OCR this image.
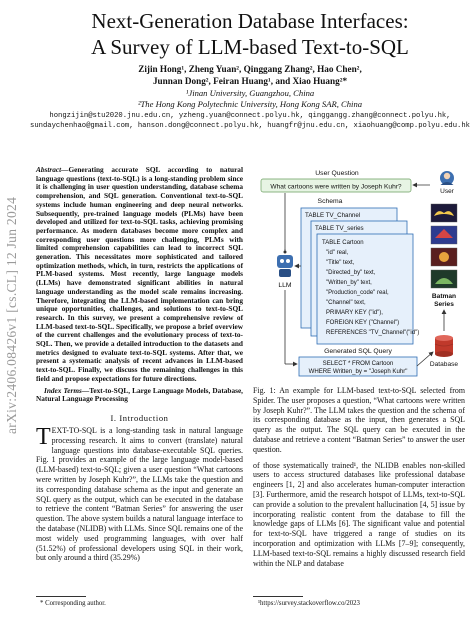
arXiv:2406.08426v1 [cs.CL] 12 Jun 2024
Next-Generation Database Interfaces:
A Survey of LLM-based Text-to-SQL
Zijin Hong¹, Zheng Yuan², Qinggang Zhang², Hao Chen²,
Junnan Dong², Feiran Huang¹, and Xiao Huang²*
¹Jinan University, Guangzhou, China
²The Hong Kong Polytechnic University, Hong Kong SAR, China
hongzijin@stu2020.jnu.edu.cn, yzheng.yuan@connect.polyu.hk, qinggangg.zhang@connect.polyu.hk,
sundaychenhao@gmail.com, hanson.dong@connect.polyu.hk, huangfr@jnu.edu.cn, xiaohuang@comp.polyu.edu.hk

Abstract—Generating accurate SQL according to natural language questions (text-to-SQL) is a long-standing problem since it is challenging in user question understanding, database schema comprehension, and SQL generation. Conventional text-to-SQL systems include human engineering and deep neural networks. Subsequently, pre-trained language models (PLMs) have been developed and utilized for text-to-SQL tasks, achieving promising performance. As modern databases become more complex and corresponding user questions more challenging, PLMs with limited comprehension capabilities can lead to incorrect SQL generation. This necessitates more sophisticated and tailored optimization methods, which, in turn, restricts the applications of PLM-based systems. Most recently, large language models (LLMs) have demonstrated significant abilities in natural language understanding as the model scale remains increasing. Therefore, integrating the LLM-based implementation can bring unique opportunities, challenges, and solutions to text-to-SQL research. In this survey, we present a comprehensive review of LLM-based text-to-SQL. Specifically, we propose a brief overview of the current challenges and the evolutionary process of text-to-SQL. Then, we provide a detailed introduction to the datasets and metrics designed to evaluate text-to-SQL systems. After that, we present a systematic analysis of recent advances in LLM-based text-to-SQL. Finally, we discuss the remaining challenges in this field and propose expectations for future directions.

Index Terms—Text-to-SQL, Large Language Models, Database, Natural Language Processing

I. Introduction

TEXT-TO-SQL is a long-standing task in natural language processing research. It aims to convert (translate) natural language questions into database-executable SQL queries. Fig. 1 provides an example of the large language model-based (LLM-based) text-to-SQL; given a user question “What cartoons were written by Joseph Kuhr?”, the LLMs take the question and its corresponding database schema as the input and generate an SQL query as the output, which can be executed in the database to retrieve the content “Batman Series” for answering the user question. The above system builds a natural language interface to the database (NLIDB) with LLMs. Since SQL remains one of the most widely used programming languages, with over half (51.52%) of professional developers using SQL in their work, but only around a third (35.29%)

* Corresponding author.
User Question
What cartoons were written by Joseph Kuhr?
User
Schema
TABLE TV_Channel
TABLE TV_series
TABLE Cartoon
"id" real,
"Title" text,
"Directed_by" text,
"Written_by" text,
"Production_code" real,
"Channel" text,
PRIMARY KEY ("id"),
FOREIGN KEY ("Channel")
REFERENCES "TV_Channel"("id")
LLM
Batman
Series
Database
Generated SQL Query
SELECT * FROM Cartoon
WHERE Written_by = "Joseph Kuhr"

Fig. 1: An example for LLM-based text-to-SQL selected from Spider. The user proposes a question, “What cartoons were written by Joseph Kuhr?”. The LLM takes the question and the schema of its corresponding database as the input, then generates a SQL query as the output. The SQL query can be executed in the database and retrieve a content “Batman Series” to answer the user question.

of those systematically trained¹, the NLIDB enables non-skilled users to access structured databases like professional database engineers [1, 2] and also accelerates human-computer interaction [3]. Furthermore, amid the research hotspot of LLMs, text-to-SQL can provide a solution to the prevalent hallucination [4, 5] issue by incorporating realistic content from the database to fill the knowledge gaps of LLMs [6]. The significant value and potential for text-to-SQL have triggered a range of studies on its incorporation and optimization with LLMs [7–9]; consequently, LLM-based text-to-SQL remains a highly discussed research field within the NLP and database

¹https://survey.stackoverflow.co/2023
